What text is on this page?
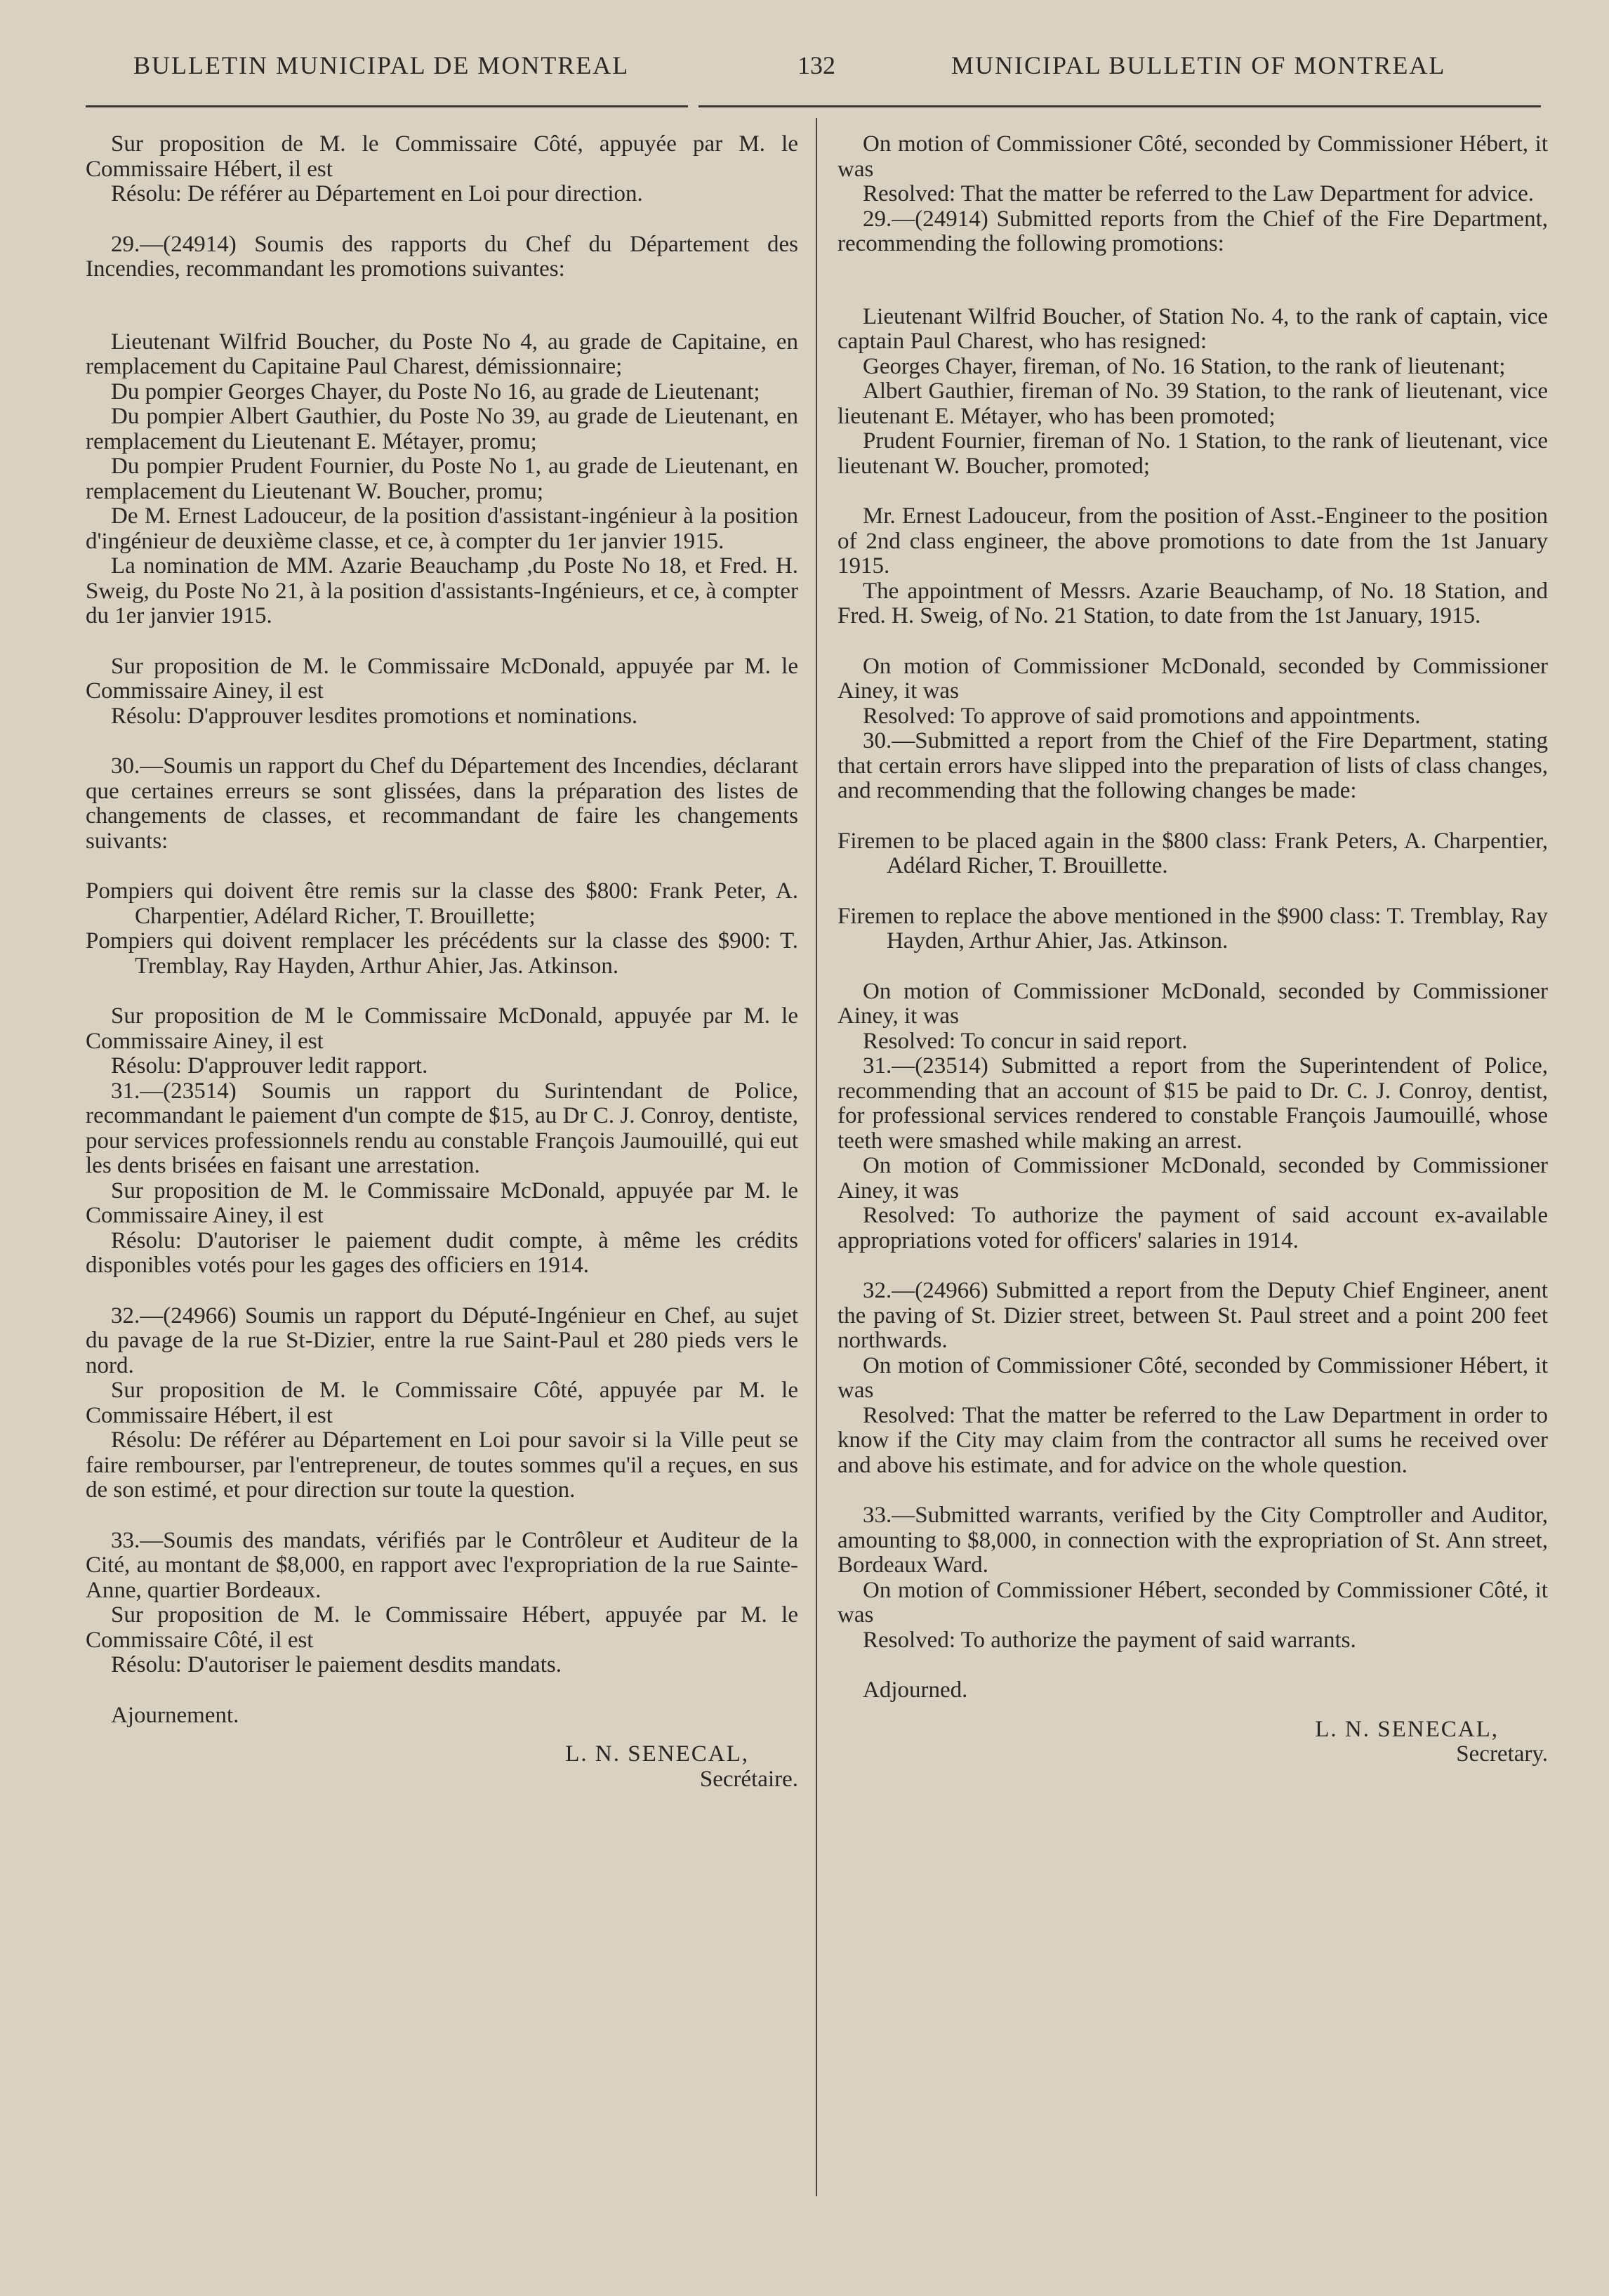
BULLETIN MUNICIPAL DE MONTREAL	132	MUNICIPAL BULLETIN OF MONTREAL

Sur proposition de M. le Commissaire Côté, appuyée par M. le Commissaire Hébert, il est

Résolu: De référer au Département en Loi pour direction.

29.—(24914) Soumis des rapports du Chef du Département des Incendies, recommandant les promotions suivantes:

Lieutenant Wilfrid Boucher, du Poste No 4, au grade de Capitaine, en remplacement du Capitaine Paul Charest, démissionnaire;

Du pompier Georges Chayer, du Poste No 16, au grade de Lieutenant;

Du pompier Albert Gauthier, du Poste No 39, au grade de Lieutenant, en remplacement du Lieutenant E. Métayer, promu;

Du pompier Prudent Fournier, du Poste No 1, au grade de Lieutenant, en remplacement du Lieutenant W. Boucher, promu;

De M. Ernest Ladouceur, de la position d'assistant-ingénieur à la position d'ingénieur de deuxième classe, et ce, à compter du 1er janvier 1915.

La nomination de MM. Azarie Beauchamp ,du Poste No 18, et Fred. H. Sweig, du Poste No 21, à la position d'assistants-Ingénieurs, et ce, à compter du 1er janvier 1915.

Sur proposition de M. le Commissaire McDonald, appuyée par M. le Commissaire Ainey, il est

Résolu: D'approuver lesdites promotions et nominations.

30.—Soumis un rapport du Chef du Département des Incendies, déclarant que certaines erreurs se sont glissées, dans la préparation des listes de changements de classes, et recommandant de faire les changements suivants:

Pompiers qui doivent être remis sur la classe des $800: Frank Peter, A. Charpentier, Adélard Richer, T. Brouillette;

Pompiers qui doivent remplacer les précédents sur la classe des $900: T. Tremblay, Ray Hayden, Arthur Ahier, Jas. Atkinson.

Sur proposition de M le Commissaire McDonald, appuyée par M. le Commissaire Ainey, il est

Résolu: D'approuver ledit rapport.

31.—(23514) Soumis un rapport du Surintendant de Police, recommandant le paiement d'un compte de $15, au Dr C. J. Conroy, dentiste, pour services professionnels rendu au constable François Jaumouillé, qui eut les dents brisées en faisant une arrestation.

Sur proposition de M. le Commissaire McDonald, appuyée par M. le Commissaire Ainey, il est

Résolu: D'autoriser le paiement dudit compte, à même les crédits disponibles votés pour les gages des officiers en 1914.

32.—(24966) Soumis un rapport du Député-Ingénieur en Chef, au sujet du pavage de la rue St-Dizier, entre la rue Saint-Paul et 280 pieds vers le nord.

Sur proposition de M. le Commissaire Côté, appuyée par M. le Commissaire Hébert, il est

Résolu: De référer au Département en Loi pour savoir si la Ville peut se faire rembourser, par l'entrepreneur, de toutes sommes qu'il a reçues, en sus de son estimé, et pour direction sur toute la question.

33.—Soumis des mandats, vérifiés par le Contrôleur et Auditeur de la Cité, au montant de $8,000, en rapport avec l'expropriation de la rue Sainte-Anne, quartier Bordeaux.

Sur proposition de M. le Commissaire Hébert, appuyée par M. le Commissaire Côté, il est

Résolu: D'autoriser le paiement desdits mandats.

Ajournement.

L. N. SENECAL,
Secrétaire.

On motion of Commissioner Côté, seconded by Commissioner Hébert, it was

Resolved: That the matter be referred to the Law Department for advice.

29.—(24914) Submitted reports from the Chief of the Fire Department, recommending the following promotions:

Lieutenant Wilfrid Boucher, of Station No. 4, to the rank of captain, vice captain Paul Charest, who has resigned:

Georges Chayer, fireman, of No. 16 Station, to the rank of lieutenant;

Albert Gauthier, fireman of No. 39 Station, to the rank of lieutenant, vice lieutenant E. Métayer, who has been promoted;

Prudent Fournier, fireman of No. 1 Station, to the rank of lieutenant, vice lieutenant W. Boucher, promoted;

Mr. Ernest Ladouceur, from the position of Asst.-Engineer to the position of 2nd class engineer, the above promotions to date from the 1st January 1915.

The appointment of Messrs. Azarie Beauchamp, of No. 18 Station, and Fred. H. Sweig, of No. 21 Station, to date from the 1st January, 1915.

On motion of Commissioner McDonald, seconded by Commissioner Ainey, it was

Resolved: To approve of said promotions and appointments.

30.—Submitted a report from the Chief of the Fire Department, stating that certain errors have slipped into the preparation of lists of class changes, and recommending that the following changes be made:

Firemen to be placed again in the $800 class: Frank Peters, A. Charpentier, Adélard Richer, T. Brouillette.

Firemen to replace the above mentioned in the $900 class: T. Tremblay, Ray Hayden, Arthur Ahier, Jas. Atkinson.

On motion of Commissioner McDonald, seconded by Commissioner Ainey, it was

Resolved: To concur in said report.

31.—(23514) Submitted a report from the Superintendent of Police, recommending that an account of $15 be paid to Dr. C. J. Conroy, dentist, for professional services rendered to constable François Jaumouillé, whose teeth were smashed while making an arrest.

On motion of Commissioner McDonald, seconded by Commissioner Ainey, it was

Resolved: To authorize the payment of said account ex-available appropriations voted for officers' salaries in 1914.

32.—(24966) Submitted a report from the Deputy Chief Engineer, anent the paving of St. Dizier street, between St. Paul street and a point 200 feet northwards.

On motion of Commissioner Côté, seconded by Commissioner Hébert, it was

Resolved: That the matter be referred to the Law Department in order to know if the City may claim from the contractor all sums he received over and above his estimate, and for advice on the whole question.

33.—Submitted warrants, verified by the City Comptroller and Auditor, amounting to $8,000, in connection with the expropriation of St. Ann street, Bordeaux Ward.

On motion of Commissioner Hébert, seconded by Commissioner Côté, it was

Resolved: To authorize the payment of said warrants.

Adjourned.

L. N. SENECAL,
Secretary.
